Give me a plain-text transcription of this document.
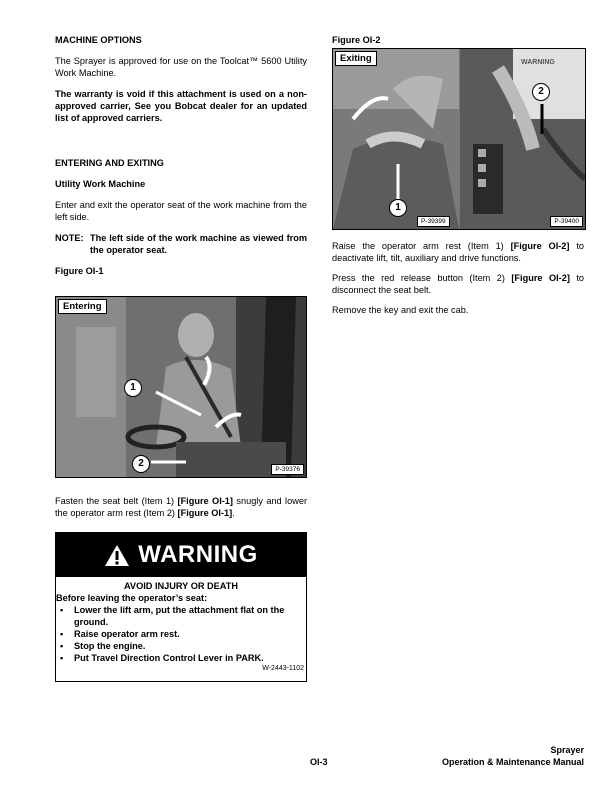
MACHINE OPTIONS

The Sprayer is approved for use on the Toolcat™ 5600 Utility Work Machine.

The warranty is void if this attachment is used on a non-approved carrier, See you Bobcat dealer for an updated list of approved carriers.

ENTERING AND EXITING

Utility Work Machine

Enter and exit the operator seat of the work machine from the left side.

NOTE: The left side of the work machine as viewed from the operator seat.

Figure OI-1

Entering
1
2
P-39376

Fasten the seat belt (Item 1) [Figure OI-1] snugly and lower the operator arm rest (Item 2) [Figure OI-1].

WARNING

AVOID INJURY OR DEATH

Before leaving the operator’s seat:

• Lower the lift arm, put the attachment flat on the ground.
• Raise operator arm rest.
• Stop the engine.
• Put Travel Direction Control Lever in PARK.
W-2443-1102

Figure OI-2

WARNING
Exiting
1
2
P-39399	P-39400

Raise the operator arm rest (Item 1) [Figure OI-2] to deactivate lift, tilt, auxiliary and drive functions.

Press the red release button (Item 2) [Figure OI-2] to disconnect the seat belt.

Remove the key and exit the cab.

OI-3
Sprayer
Operation & Maintenance Manual
